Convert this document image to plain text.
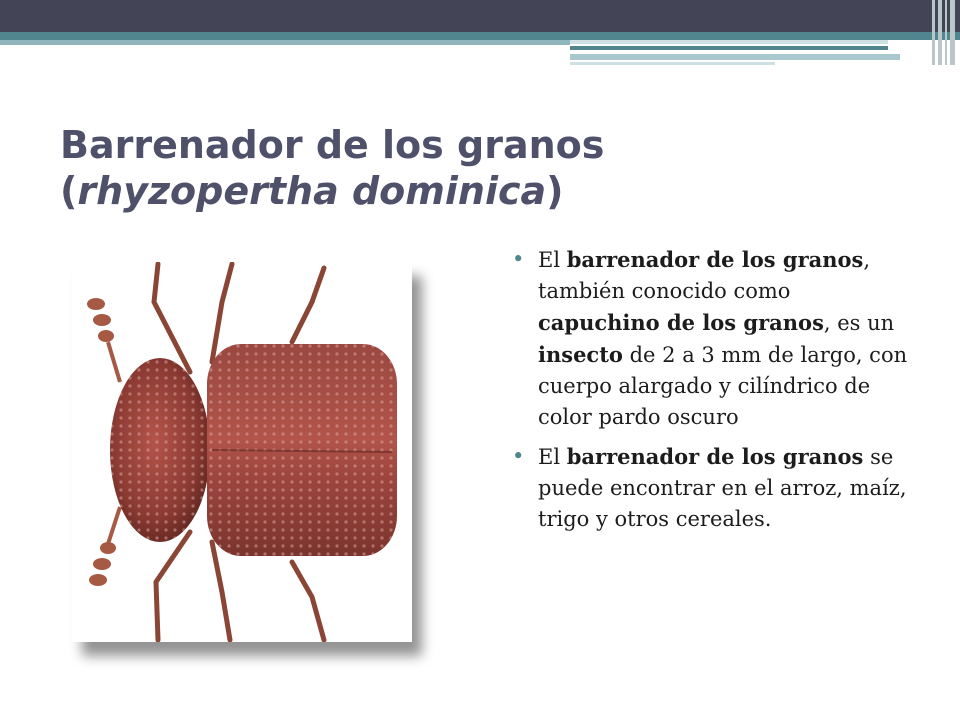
Barrenador de los granos
(rhyzopertha dominica)
• El barrenador de los granos, también conocido como capuchino de los granos, es un insecto de 2 a 3 mm de largo, con cuerpo alargado y cilíndrico de color pardo oscuro
• El barrenador de los granos se puede encontrar en el arroz, maíz, trigo y otros cereales.
